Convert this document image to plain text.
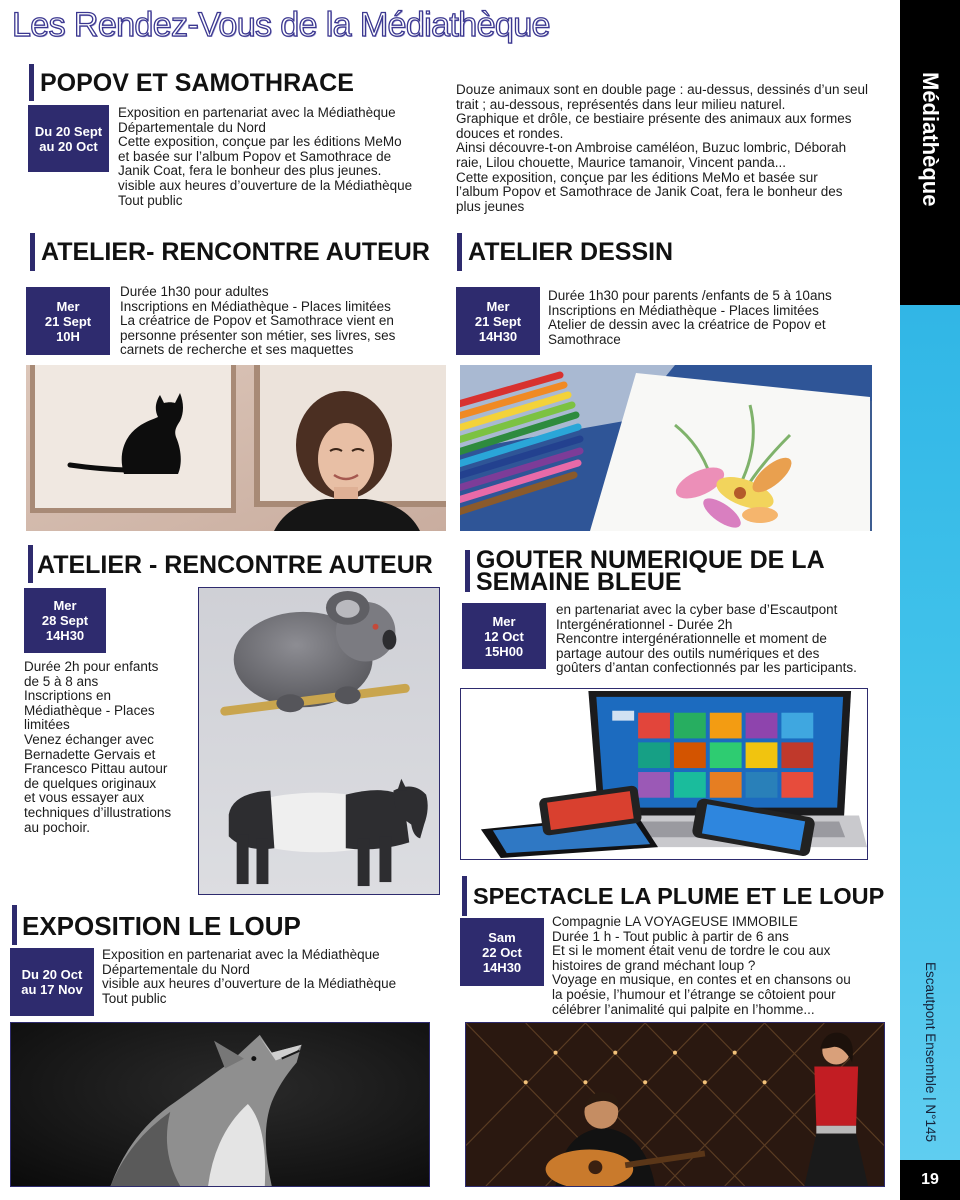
Les Rendez-Vous de la Médiathèque
Médiathèque
Escautpont Ensemble | N°145
19
POPOV ET SAMOTHRACE
Du 20 Sept
au 20 Oct
Exposition en partenariat avec la Médiathèque
Départementale du Nord
Cette exposition, conçue par les éditions MeMo
et basée sur l’album Popov et Samothrace de
Janik Coat, fera le bonheur des plus jeunes.
visible aux heures d’ouverture de la Médiathèque
Tout public
Douze animaux sont en double page : au-dessus, dessinés d’un seul
trait ; au-dessous, représentés dans leur milieu naturel.
Graphique et drôle, ce bestiaire présente des animaux aux formes
douces et rondes.
Ainsi découvre-t-on Ambroise caméléon, Buzuc lombric, Déborah
raie, Lilou chouette, Maurice tamanoir, Vincent panda...
Cette exposition, conçue par les éditions MeMo et basée sur
l’album Popov et Samothrace de Janik Coat, fera le bonheur des
plus jeunes
ATELIER- RENCONTRE AUTEUR
Mer
21 Sept
10H
Durée 1h30 pour adultes
Inscriptions en Médiathèque - Places limitées
La créatrice de Popov et Samothrace vient en
personne présenter son métier, ses livres, ses
carnets de recherche et ses maquettes
ATELIER DESSIN
Mer
21 Sept
14H30
Durée 1h30 pour parents /enfants de 5 à 10ans
Inscriptions en Médiathèque - Places limitées
Atelier de dessin avec la créatrice de Popov et
Samothrace
ATELIER - RENCONTRE AUTEUR
Mer
28 Sept
14H30
Durée 2h pour enfants
de 5 à 8 ans
Inscriptions en
Médiathèque - Places
limitées
Venez échanger avec
Bernadette Gervais et
Francesco Pittau autour
de quelques originaux
et vous essayer aux
techniques d’illustrations
au pochoir.
GOUTER NUMERIQUE DE LA
SEMAINE BLEUE
Mer
12 Oct
15H00
en partenariat avec la cyber base d’Escautpont
Intergénérationnel - Durée 2h
Rencontre intergénérationnelle et moment de
partage autour des outils numériques et des
goûters d’antan confectionnés par les participants.
SPECTACLE LA PLUME ET LE LOUP
Sam
22 Oct
14H30
Compagnie LA VOYAGEUSE IMMOBILE
Durée 1 h - Tout public à partir de 6 ans
Et si le moment était venu de tordre le cou aux
histoires de grand méchant loup ?
Voyage en musique, en contes et en chansons ou
la poésie, l’humour et l’étrange se côtoient pour
célébrer l’animalité qui palpite en l’homme...
EXPOSITION LE LOUP
Du 20 Oct
au 17 Nov
Exposition en partenariat avec la Médiathèque
Départementale du Nord
visible aux heures d’ouverture de la Médiathèque
Tout public
